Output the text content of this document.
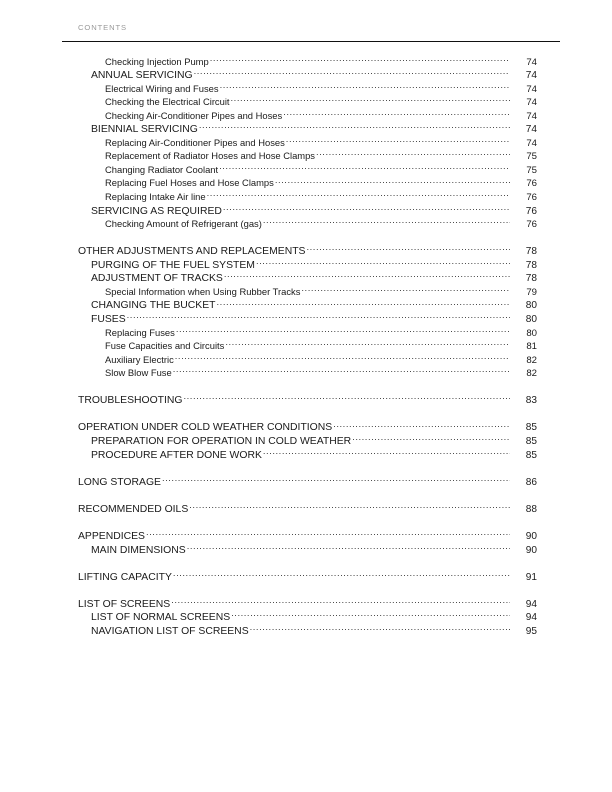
CONTENTS
Checking Injection Pump .....	74
ANNUAL SERVICING .....	74
Electrical Wiring and Fuses .....	74
Checking the Electrical Circuit .....	74
Checking Air-Conditioner Pipes and Hoses .....	74
BIENNIAL SERVICING .....	74
Replacing Air-Conditioner Pipes and Hoses .....	74
Replacement of Radiator Hoses and Hose Clamps .....	75
Changing Radiator Coolant .....	75
Replacing Fuel Hoses and Hose Clamps .....	76
Replacing Intake Air line .....	76
SERVICING AS REQUIRED .....	76
Checking Amount of Refrigerant (gas) .....	76
OTHER ADJUSTMENTS AND REPLACEMENTS .....	78
PURGING OF THE FUEL SYSTEM .....	78
ADJUSTMENT OF TRACKS .....	78
Special Information when Using Rubber Tracks .....	79
CHANGING THE BUCKET .....	80
FUSES .....	80
Replacing Fuses .....	80
Fuse Capacities and Circuits .....	81
Auxiliary Electric .....	82
Slow Blow Fuse .....	82
TROUBLESHOOTING .....	83
OPERATION UNDER COLD WEATHER CONDITIONS .....	85
PREPARATION FOR OPERATION IN COLD WEATHER .....	85
PROCEDURE AFTER DONE WORK .....	85
LONG STORAGE .....	86
RECOMMENDED OILS .....	88
APPENDICES .....	90
MAIN DIMENSIONS .....	90
LIFTING CAPACITY .....	91
LIST OF SCREENS .....	94
LIST OF NORMAL SCREENS .....	94
NAVIGATION LIST OF SCREENS .....	95
